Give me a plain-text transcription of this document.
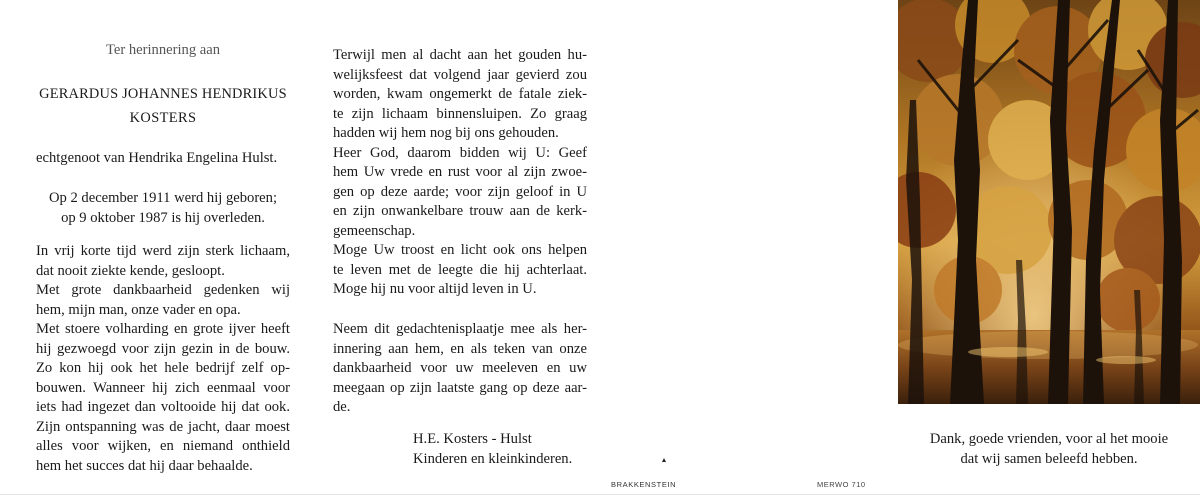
Ter herinnering aan
GERARDUS JOHANNES HENDRIKUS
KOSTERS
echtgenoot van Hendrika Engelina Hulst.
Op 2 december 1911 werd hij geboren;
op 9 oktober 1987 is hij overleden.
In vrij korte tijd werd zijn sterk lichaam,
dat nooit ziekte kende, gesloopt.
Met grote dankbaarheid gedenken wij
hem, mijn man, onze vader en opa.
Met stoere volharding en grote ijver heeft
hij gezwoegd voor zijn gezin in de bouw.
Zo kon hij ook het hele bedrijf zelf op-
bouwen. Wanneer hij zich eenmaal voor
iets had ingezet dan voltooide hij dat ook.
Zijn ontspanning was de jacht, daar moest
alles voor wijken, en niemand onthield
hem het succes dat hij daar behaalde.
Terwijl men al dacht aan het gouden hu-
welijksfeest dat volgend jaar gevierd zou
worden, kwam ongemerkt de fatale ziek-
te zijn lichaam binnensluipen. Zo graag
hadden wij hem nog bij ons gehouden.
Heer God, daarom bidden wij U: Geef
hem Uw vrede en rust voor al zijn zwoe-
gen op deze aarde; voor zijn geloof in U
en zijn onwankelbare trouw aan de kerk-
gemeenschap.
Moge Uw troost en licht ook ons helpen
te leven met de leegte die hij achterlaat.
Moge hij nu voor altijd leven in U.
Neem dit gedachtenisplaatje mee als her-
innering aan hem, en als teken van onze
dankbaarheid voor uw meeleven en uw
meegaan op zijn laatste gang op deze aar-
de.
H.E. Kosters - Hulst
Kinderen en kleinkinderen.
Dank, goede vrienden, voor al het mooie
dat wij samen beleefd hebben.
BRAKKENSTEIN	MERWO 710
